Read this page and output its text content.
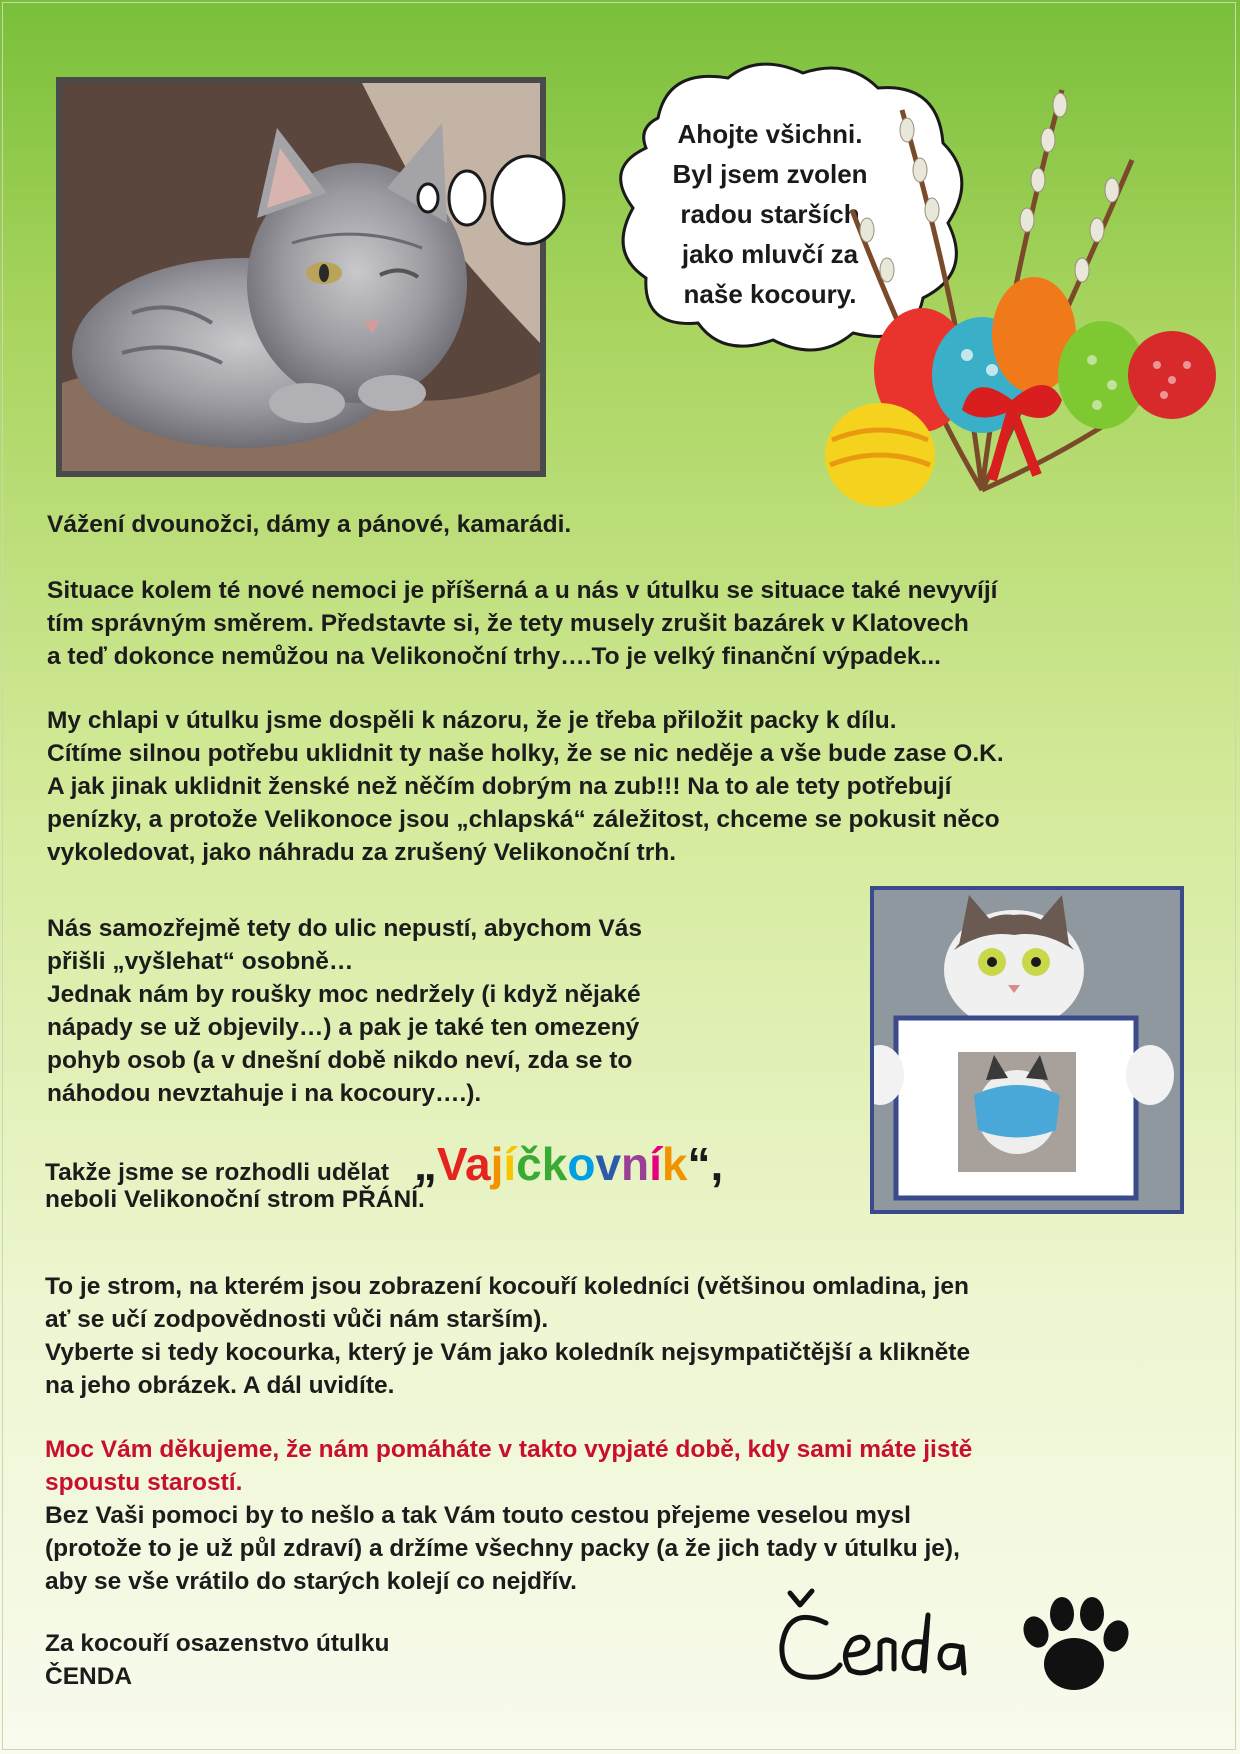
Ahojte všichni.
Byl jsem zvolen
radou starších
jako mluvčí za
naše kocoury.
Vážení dvounožci, dámy a pánové, kamarádi.
Situace kolem té nové nemoci je příšerná a u nás v útulku se situace také nevyvíjí
tím správným směrem. Představte si, že tety musely zrušit bazárek v Klatovech
a teď dokonce nemůžou na Velikonoční trhy….To je velký finanční výpadek...
My chlapi v útulku jsme dospěli k názoru, že je třeba přiložit packy k dílu.
Cítíme silnou potřebu uklidnit ty naše holky, že se nic neděje a vše bude zase O.K.
A jak jinak uklidnit ženské než něčím dobrým na zub!!! Na to ale tety potřebují
penízky, a protože Velikonoce jsou „chlapská“ záležitost, chceme se pokusit něco
vykoledovat, jako náhradu za zrušený Velikonoční trh.
Nás samozřejmě tety do ulic nepustí, abychom Vás
přišli „vyšlehat“ osobně…
Jednak nám by roušky moc nedržely (i když nějaké
nápady se už objevily…) a pak je také ten omezený
pohyb osob (a v dnešní době nikdo neví, zda se to
náhodou nevztahuje i na kocoury….).
Takže jsme se rozhodli udělat „Vajíčkovník“,
neboli Velikonoční strom PŘÁNÍ.
To je strom, na kterém jsou zobrazení kocouří koledníci (většinou omladina, jen
ať se učí zodpovědnosti vůči nám starším).
Vyberte si tedy kocourka, který je Vám jako koledník nejsympatičtější a klikněte
na jeho obrázek. A dál uvidíte.
Moc Vám děkujeme, že nám pomáháte v takto vypjaté době, kdy sami máte jistě
spoustu starostí.
Bez Vaši pomoci by to nešlo a tak Vám touto cestou přejeme veselou mysl
(protože to je už půl zdraví) a držíme všechny packy (a že jich tady v útulku je),
aby se vše vrátilo do starých kolejí co nejdřív.
Za kocouří osazenstvo útulku
ČENDA
